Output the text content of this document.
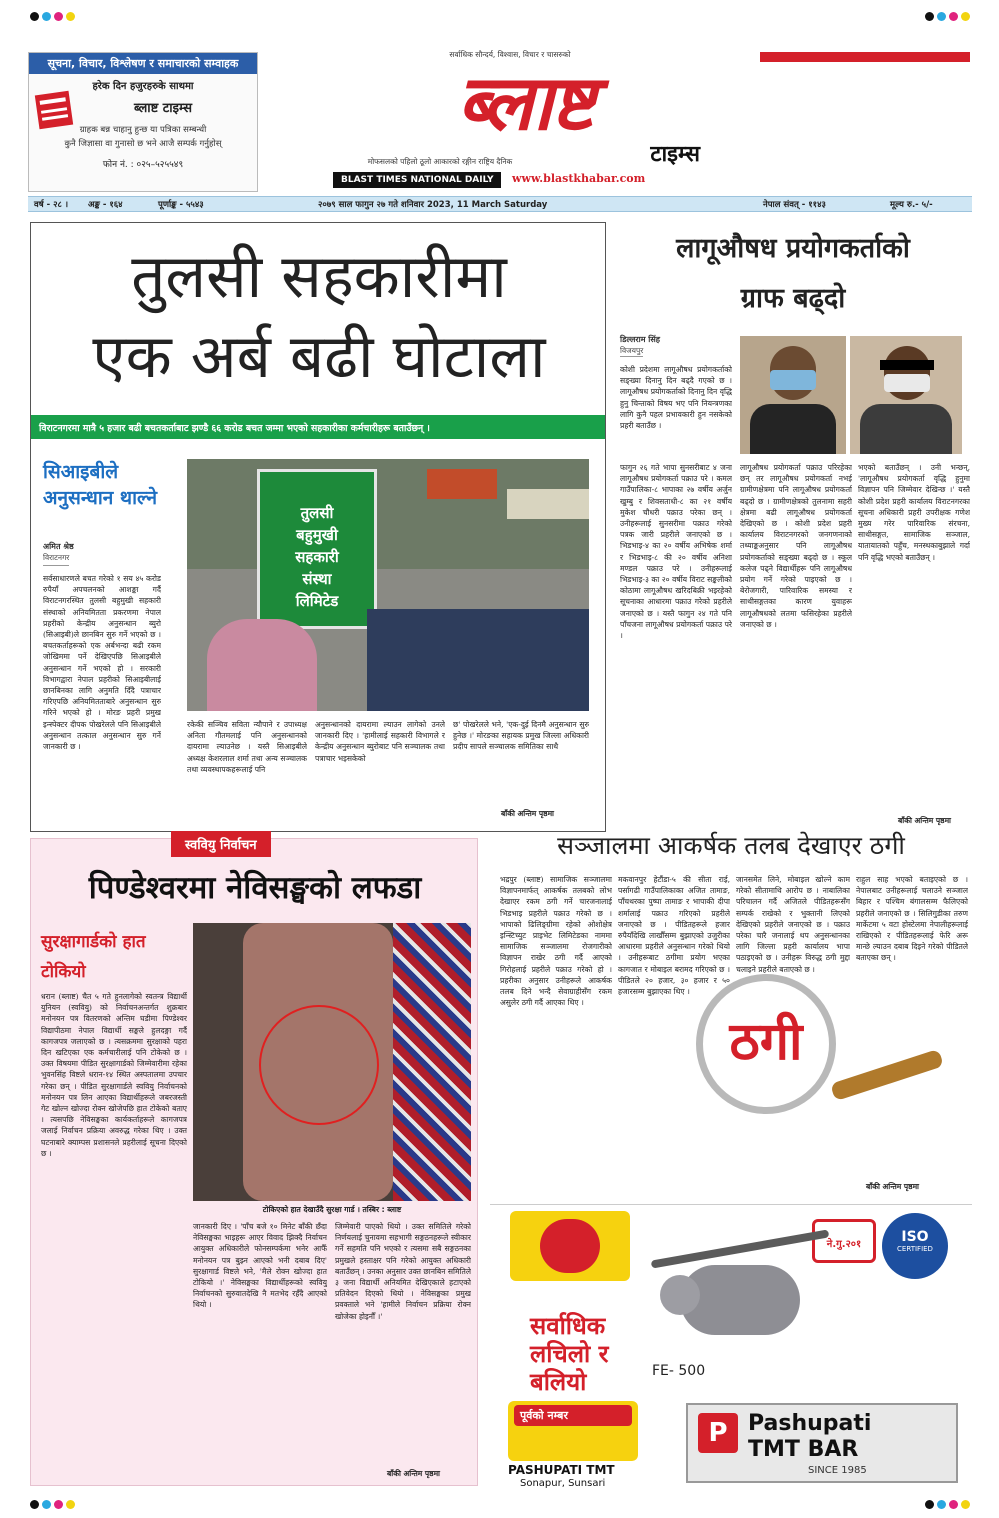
सूचना, विचार, विश्लेषण र समाचारको सम्वाहक
हरेक दिन हजुरहरुके साथमा
ब्लाष्ट टाइम्स
ग्राहक बन्न चाहानु हुन्छ या पत्रिका सम्बन्धी
कुनै जिज्ञासा वा गुनासो छ भने आजै सम्पर्क गर्नुहोस्
फोन नं. : ०२५–५२५५४९
सर्वाधिक सौन्दर्य, विश्वास, विचार र चासरुको
ब्लाष्ट
टाइम्स
मोफसलको पहिलो ठूलो आकारको रङ्गीन राष्ट्रिय दैनिक
BLAST TIMES NATIONAL DAILY	www.blastkhabar.com
वर्ष - २८ । अङ्क - १६४	पूर्णाङ्क - ५५४३	२०७९ साल फागुन २७ गते शनिवार 2023, 11 March Saturday	नेपाल संवत् - ११४३	मूल्य रु.- ५/-
तुलसी सहकारीमा
एक अर्ब बढी घोटाला
विराटनगरमा मात्रै ५ हजार बढी बचतकर्ताबाट झण्डै ६६ करोड बचत जम्मा भएको सहकारीका कर्मचारीहरू बताउँछन् ।
सिआइबीले अनुसन्धान थाल्ने
अमित श्रेष्ठ
विराटनगर
सर्वसाधारणले बचत गरेको १ सय ४५ करोड रुपैयाँ अपचलनको आशङ्का गर्दै विराटनगरस्थित तुलसी बहुमुखी सहकारी संस्थाको अनियमितता प्रकरणमा नेपाल प्रहरीको केन्द्रीय अनुसन्धान ब्युरो (सिआइबी)ले छानबिन सुरु गर्ने भएको छ । बचतकर्ताहरूको एक अर्बभन्दा बढी रकम जोखिममा पर्ने देखिएपछि सिआइबीले अनुसन्धान गर्ने भएको हो । सरकारी विभागद्वारा नेपाल प्रहरीको सिआइबीलाई छानबिनका लागि अनुमति दिँदै पत्राचार गरिएपछि अनियमितताबारे अनुसन्धान सुरु गरिने भएको हो । मोरङ प्रहरी प्रमुख इन्स्पेक्टर दीपक पोखरेलले पनि सिआइबीले अनुसन्धान तत्काल अनुसन्धान सुरु गर्ने जानकारी छ ।
तुलसी
बहुमुखी
सहकारी
संस्था
लिमिटेड
रकेकी सञ्चिव सविता न्यौपाने र उपाध्यक्ष अनिता गौतमलाई पनि अनुसन्धानको दायरामा ल्याउनेछ । यस्तै सिआइबीले अध्यक्ष केशरलाल शर्मा तथा अन्य सञ्चालक तथा व्यवस्थापकहरूलाई पनि
अनुसन्धानको दायरामा ल्याउन लागेको उनले जानकारी दिए । 'हामीलाई सहकारी विभागले र केन्द्रीय अनुसन्धान ब्युरोबाट पनि सञ्चालक तथा पत्राचार भइसकेको
छ' पोखरेलले भने, 'एक-दुई दिनमै अनुसन्धान सुरु हुनेछ ।' मोरङका सहायक प्रमुख जिल्ला अधिकारी प्रदीप सापले सञ्चालक समितिका साथै
बाँकी अन्तिम पृष्ठमा
लागूऔषध प्रयोगकर्ताको
ग्राफ बढ्दो
डिल्लराम सिंह
विजयपुर
कोशी प्रदेशमा लागूऔषध प्रयोगकर्ताको सङ्ख्या दिनानु दिन बढ्दै गएको छ । लागूऔषध प्रयोगकर्ताको दिनानु दिन वृद्धि हुनु चिन्ताको विषय भए पनि नियन्त्रणका लागि कुनै पहल प्रभावकारी हुन नसकेको प्रहरी बताउँछ ।
फागुन २६ गते भापा सुनसरीबाट ४ जना लागूऔषध प्रयोगकर्ता पक्राउ परे । कमल गाउँपालिका-८ भापाका २७ वर्षीय अर्जुन खुम्बु र शिवसताधी-८ का २१ वर्षीय मुकेश चौधरी पक्राउ परेका छन् । उनीहरूलाई सुनसरीमा पक्राउ गरेको पत्रक जारी प्रहरीले जनाएको छ । भिडभाइ-४ का २० वर्षीय अभिषेक शर्मा र भिडभाइ-८ की २० वर्षीय अनिशा मण्डल पक्राउ परे । उनीहरूलाई भिडभाइ-३ का २० वर्षीय विराट सङ्कलीको कोठामा लागूऔषध खरिदबिक्री भइरहेको सूचनाका आधारमा पक्राउ गरेको प्रहरीले जनाएको छ । यस्तै फागुन २४ गते पनि पाँचजना लागूऔषध प्रयोगकर्ता पक्राउ परे ।
लागूऔषध प्रयोगकर्ता पक्राउ परिरहेका छन् तर लागूऔषध प्रयोगकर्ता नभई ग्रामीणक्षेत्रमा पनि लागूऔषध प्रयोगकर्ता बढ्दो छ । ग्रामीणक्षेत्रको तुलनामा सहरी क्षेत्रमा बढी लागूऔषध प्रयोगकर्ता देखिएको छ । कोशी प्रदेश प्रहरी कार्यालय विराटनगरको जनगणनाको तथ्याङ्कअनुसार पनि लागूऔषध प्रयोगकर्ताको सङ्ख्या बढ्दो छ । स्कूल कलेज पढ्ने विद्यार्थीहरू पनि लागूऔषध प्रयोग गर्ने गरेको पाइएको छ । बेरोजगारी, पारिवारिक समस्या र साथीसङ्गतका कारण युवाहरू लागूऔषधको लतमा फसिरहेका प्रहरीले जनाएको छ ।
भएको बताउँछन् । उनी भन्छन्, 'लागूऔषध प्रयोगकर्ता वृद्धि हुनुमा विज्ञापन पनि जिम्मेवार देखिन्छ ।' यस्तै कोशी प्रदेश प्रहरी कार्यालय विराटनगरका सूचना अधिकारी प्रहरी उपरीक्षक गणेश मुख्य गरेर पारिवारिक संरचना, साथीसङ्गत, सामाजिक सञ्जाल, यातायातको पहुँच, मनस्थकाबुझाले गर्दा पनि वृद्धि भएको बताउँछन् ।
बाँकी अन्तिम पृष्ठमा
स्ववियु निर्वाचन
पिण्डेश्वरमा नेविसङ्घको लफडा
सुरक्षागार्डको हात टोकियो
धरान (ब्लाष्ट) चैत ५ गते हुनलागेको स्वतन्त्र विद्यार्थी युनियन (स्ववियु) को निर्वाचनअन्तर्गत शुक्रबार मनोनयन पत्र वितरणको अन्तिम घडीमा पिण्डेश्वर विद्यापीठमा नेपाल विद्यार्थी सङ्घले हुलदङ्गा गर्दै कागजपत्र जलाएको छ । त्यसक्रममा सुरक्षाको पहरा दिन खटिएका एक कर्मचारीलाई पनि टोकेको छ । उक्त विषयमा पीडित सुरक्षागार्डको जिम्मेवारीमा रहेका भुवनसिंह विष्टले धरान-१४ स्थित अस्पतालमा उपचार गरेका छन् । पीडित सुरक्षागार्डले स्ववियु निर्वाचनको मनोनयन पत्र लिन आएका विद्यार्थीहरूले जबरजस्ती गेट खोल्न खोज्दा रोक्न खोजेपछि हात टोकेको बताए । त्यसपछि नेविसङ्घका कार्यकर्ताहरूले कागजपत्र जलाई निर्वाचन प्रक्रिया अवरुद्ध गरेका थिए । उक्त घटनाबारे क्याम्पस प्रशासनले प्रहरीलाई सूचना दिएको छ ।
टोकिएको हात देखाउँदै सुरक्षा गार्ड । तस्बिर : ब्लाष्ट
जानकारी दिए । 'पाँच बजे १० मिनेट बाँकी छँदा नेविसङ्घका भाइहरू आएर विवाद झिक्दै निर्वाचन आयुक्त अधिकारीले फोनसम्पर्कमा भनेर आफैँ मनोनयन पत्र बुझ्न आएको भनी दबाब दिए' सुरक्षागार्ड विष्टले भने, 'मैले रोक्न खोज्दा हात टोकियो ।' नेविसङ्घका विद्यार्थीहरूको स्ववियु निर्वाचनको सुरुवातदेखि नै मतभेद रहँदै आएको थियो ।
जिम्मेवारी पाएको थियो । उक्त समितिले गरेको निर्णयलाई चुनावमा सहभागी सङ्गठनहरूले स्वीकार गर्ने सहमति पनि भएको र त्यसमा सबै सङ्गठनका प्रमुखले हस्ताक्षर पनि गरेको आयुक्त अधिकारी बताउँछन् । उनका अनुसार उक्त छानबिन समितिले ३ जना विद्यार्थी अनियमित देखिएकाले हटाएको प्रतिवेदन दिएको थियो । नेविसङ्घका प्रमुख प्रवक्ताले भने 'हामीले निर्वाचन प्रक्रिया रोक्न खोजेका होइनौँ ।'
बाँकी अन्तिम पृष्ठमा
सञ्जालमा आकर्षक तलब देखाएर ठगी
भद्रपुर (ब्लाष्ट) सामाजिक सञ्जालमा विज्ञापनमार्फत् आकर्षक तलबको लोभ देखाएर रकम ठगी गर्ने चारजनालाई भिडभाइ प्रहरीले पक्राउ गरेको छ । भापाको ढिलिङ्ग्रीमा रहेको ओशोक्षेत्र इन्स्टिच्युट प्राइभेट लिमिटेडका नाममा सामाजिक सञ्जालमा रोजगारीको विज्ञापन राखेर ठगी गर्दै आएको गिरोहलाई प्रहरीले पक्राउ गरेको हो । प्रहरीका अनुसार उनीहरूले आकर्षक तलब दिने भन्दै सेवाग्राहीसँग रकम असुलेर ठगी गर्दै आएका थिए ।
मकवानपुर हेटौंडा-५ की सीता राई, पर्सागढी गाउँपालिकाका अजित तामाङ, पाँचथरका पुष्पा तामाङ र भापाकी दीपा शर्मालाई पक्राउ गरिएको प्रहरीले जनाएको छ । पीडितहरूले हजार रुपैयाँदेखि लाखौँसम्म बुझाएको उजुरीका आधारमा प्रहरीले अनुसन्धान गरेको थियो । उनीहरूबाट ठगीमा प्रयोग भएका कागजात र मोबाइल बरामद गरिएको छ । पीडितले २० हजार, ३० हजार र ५० हजारसम्म बुझाएका थिए ।
जानसमेत लिने, मोबाइल खोल्ने काम गरेको सीतामाथि आरोप छ । नाबालिका परिचालन गर्दै अजितले पीडितहरूसँग सम्पर्क राखेको र भुक्तानी लिएको देखिएको प्रहरीले जनाएको छ । पक्राउ परेका चारै जनालाई थप अनुसन्धानका लागि जिल्ला प्रहरी कार्यालय भापा पठाइएको छ । उनीहरू विरुद्ध ठगी मुद्दा चलाइने प्रहरीले बताएको छ ।
राहुल साह भएको बताइएको छ । नेपालबाट उनीहरूलाई चलाउने सञ्जाल बिहार र पश्चिम बंगालसम्म फैलिएको प्रहरीले जनाएको छ । सिलिगुडीका तरुण मार्केटमा ५ वटा होस्टेलमा नेपालीहरूलाई राखिएको र पीडितहरूलाई फेरि अरू मान्छे ल्याउन दबाब दिइने गरेको पीडितले बताएका छन् ।
ठगी
बाँकी अन्तिम पृष्ठमा
ने.गु.२०१	ISO
CERTIFIED
सर्वाधिक
लचिलो र
बलियो	FE- 500
पूर्वको नम्बर
PASHUPATI TMT
Sonapur, Sunsari
P Pashupati
TMT BAR
SINCE 1985
